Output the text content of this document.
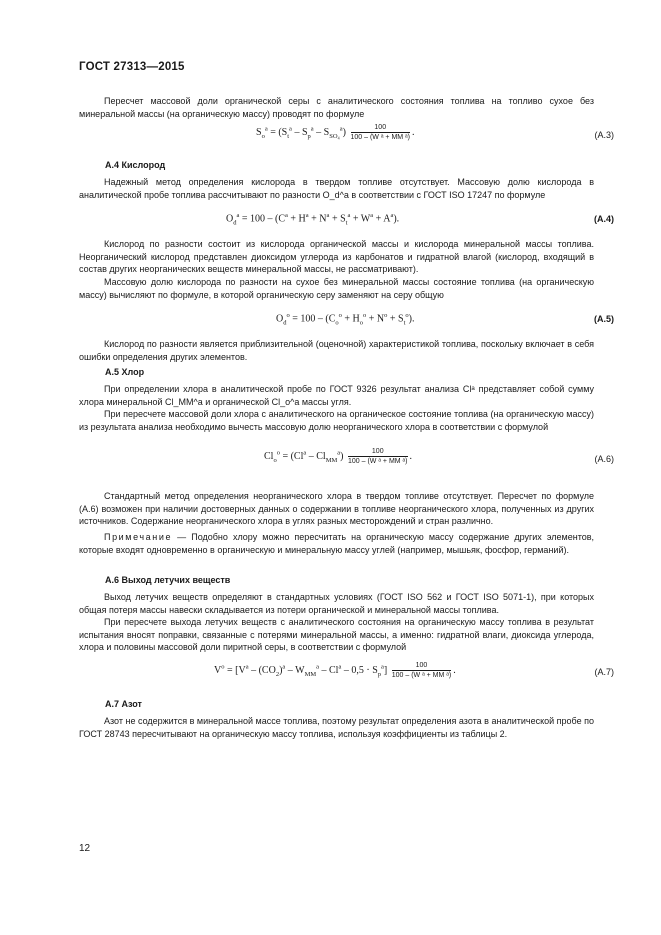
ГОСТ 27313—2015
Пересчет массовой доли органической серы с аналитического состояния топлива на топливо сухое без минеральной массы (на органическую массу) проводят по формуле
$S_o^a = (S_t^a - S_p^a - S_{SO_4}^a) \frac{100}{\text{100 – (W ᵃ + MM ᵃ)}}$ .	(А.3)
А.4 Кислород
Надежный метод определения кислорода в твердом топливе отсутствует. Массовую долю кислорода в аналитической пробе топлива рассчитывают по разности O_d^a в соответствии с ГОСТ ISO 17247 по формуле
$O_d^a = 100 - (C^a + H^a + N^a + S_t^a + W^a + A^a)$.	(А.4)
Кислород по разности состоит из кислорода органической массы и кислорода минеральной массы топлива. Неорганический кислород представлен диоксидом углерода из карбонатов и гидратной влагой (кислород, входящий в состав других неорганических веществ минеральной массы, не рассматривают).
Массовую долю кислорода по разности на сухое без минеральной массы состояние топлива (на органическую массу) вычисляют по формуле, в которой органическую серу заменяют на серу общую
$O_d^o = 100 - (C_o^o + H_o^o + N^o + S_t^o)$.	(А.5)
Кислород по разности является приблизительной (оценочной) характеристикой топлива, поскольку включает в себя ошибки определения других элементов.
А.5 Хлор
При определении хлора в аналитической пробе по ГОСТ 9326 результат анализа Clᵃ представляет собой сумму хлора минеральной Cl_MM^a и органической Cl_o^a массы угля.
При пересчете массовой доли хлора с аналитического на органическое состояние топлива (на органическую массу) из результата анализа необходимо вычесть массовую долю неорганического хлора в соответствии с формулой
$Cl_o^o = (Cl^a - Cl_{MM}^a) \frac{100}{\text{100 – (W ᵃ + MM ᵃ)}}$ .	(А.6)
Стандартный метод определения неорганического хлора в твердом топливе отсутствует. Пересчет по формуле (А.6) возможен при наличии достоверных данных о содержании в топливе неорганического хлора, полученных из других источников. Содержание неорганического хлора в углях разных месторождений и стран различно.
Примечание — Подобно хлору можно пересчитать на органическую массу содержание других элементов, которые входят одновременно в органическую и минеральную массу углей (например, мышьяк, фосфор, германий).
А.6 Выход летучих веществ
Выход летучих веществ определяют в стандартных условиях (ГОСТ ISO 562 и ГОСТ ISO 5071-1), при которых общая потеря массы навески складывается из потери органической и минеральной массы топлива.
При пересчете выхода летучих веществ с аналитического состояния на органическую массу топлива в результат испытания вносят поправки, связанные с потерями минеральной массы, а именно: гидратной влаги, диоксида углерода, хлора и половины массовой доли пиритной серы, в соответствии с формулой
$V^o = [V^a - (CO_2)^a - W_{MM}^a - Cl^a - 0,5 \cdot S_p^a] \frac{100}{\text{100 – (W ᵃ + MM ᵃ)}}$ .	(А.7)
А.7 Азот
Азот не содержится в минеральной массе топлива, поэтому результат определения азота в аналитической пробе по ГОСТ 28743 пересчитывают на органическую массу топлива, используя коэффициенты из таблицы 2.
12
